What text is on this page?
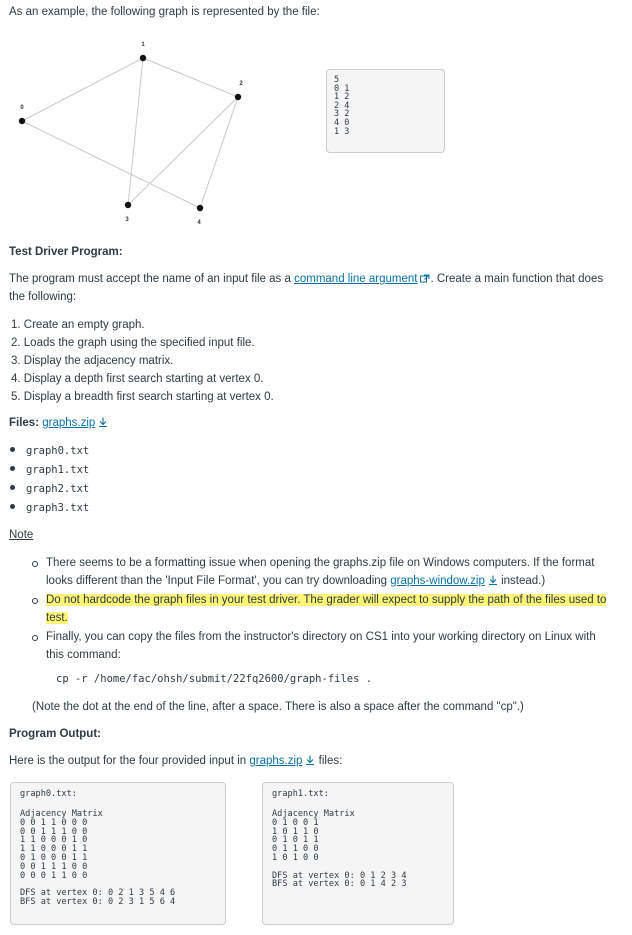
As an example, the following graph is represented by the file:

0
1
2
3	4
5
0 1
1 2
2 4
3 2
4 0
1 3
Test Driver Program:

The program must accept the name of an input file as a command line argument . Create a main function that does

the following:

1. Create an empty graph.
2. Loads the graph using the specified input file.
3. Display the adjacency matrix.
4. Display a depth first search starting at vertex 0.
5. Display a breadth first search starting at vertex 0.

Files: graphs.zip

graph0.txt
graph1.txt
graph2.txt
graph3.txt

Note

There seems to be a formatting issue when opening the graphs.zip file on Windows computers. If the format
looks different than the 'Input File Format', you can try downloading graphs-window.zip instead.)
Do not hardcode the graph files in your test driver. The grader will expect to supply the path of the files used to
test.
Finally, you can copy the files from the instructor's directory on CS1 into your working directory on Linux with
this command:
cp -r /home/fac/ohsh/submit/22fq2600/graph-files .

(Note the dot at the end of the line, after a space. There is also a space after the command "cp".)

Program Output:

Here is the output for the four provided input in graphs.zip files:

graph0.txt:
Adjacency Matrix
0 0 1 1 0 0 0
0 0 1 1 1 0 0
1 1 0 0 0 1 0
1 1 0 0 0 1 1
0 1 0 0 0 1 1
0 0 1 1 1 0 0
0 0 0 1 1 0 0
DFS at vertex 0: 0 2 1 3 5 4 6
BFS at vertex 0: 0 2 3 1 5 6 4
graph1.txt:
Adjacency Matrix
0 1 0 0 1
1 0 1 1 0
0 1 0 1 1
0 1 1 0 0
1 0 1 0 0
DFS at vertex 0: 0 1 2 3 4
BFS at vertex 0: 0 1 4 2 3
